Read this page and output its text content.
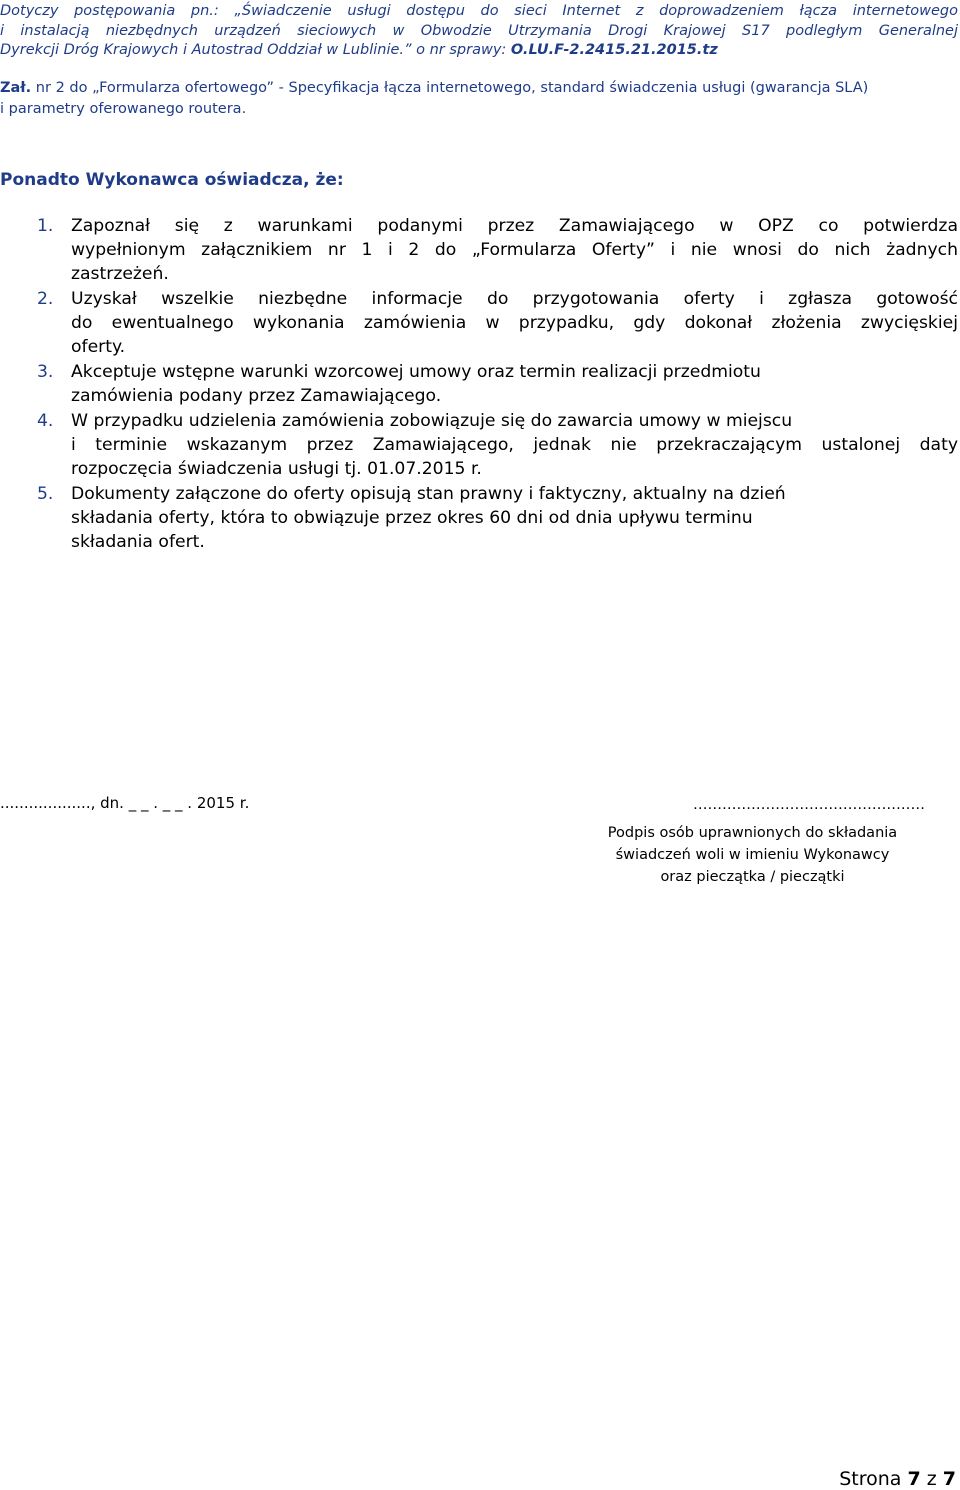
Dotyczy postępowania pn.: „Świadczenie usługi dostępu do sieci Internet z doprowadzeniem łącza internetowego
i instalacją niezbędnych urządzeń sieciowych w Obwodzie Utrzymania Drogi Krajowej S17 podległym Generalnej
Dyrekcji Dróg Krajowych i Autostrad Oddział w Lublinie.” o nr sprawy: O.LU.F-2.2415.21.2015.tz
Zał. nr 2 do „Formularza ofertowego” - Specyfikacja łącza internetowego, standard świadczenia usługi (gwarancja SLA)
i parametry oferowanego routera.
Ponadto Wykonawca oświadcza, że:
1.	Zapoznał się z warunkami podanymi przez Zamawiającego w OPZ co potwierdza
wypełnionym załącznikiem nr 1 i 2 do „Formularza Oferty” i nie wnosi do nich żadnych
zastrzeżeń.
2.	Uzyskał wszelkie niezbędne informacje do przygotowania oferty i zgłasza gotowość
do ewentualnego wykonania zamówienia w przypadku, gdy dokonał złożenia zwycięskiej
oferty.
3.	Akceptuje wstępne warunki wzorcowej umowy oraz termin realizacji przedmiotu
zamówienia podany przez Zamawiającego.
4.	W przypadku udzielenia zamówienia zobowiązuje się do zawarcia umowy w miejscu
i terminie wskazanym przez Zamawiającego, jednak nie przekraczającym ustalonej daty
rozpoczęcia świadczenia usługi tj. 01.07.2015 r.
5.	Dokumenty załączone do oferty opisują stan prawny i faktyczny, aktualny na dzień
składania oferty, która to obwiązuje przez okres 60 dni od dnia upływu terminu
składania ofert.
..................., dn. _ _ . _ _ . 2015 r.	…………………………………………
Podpis osób uprawnionych do składania
świadczeń woli w imieniu Wykonawcy
oraz pieczątka / pieczątki
Strona 7 z 7
